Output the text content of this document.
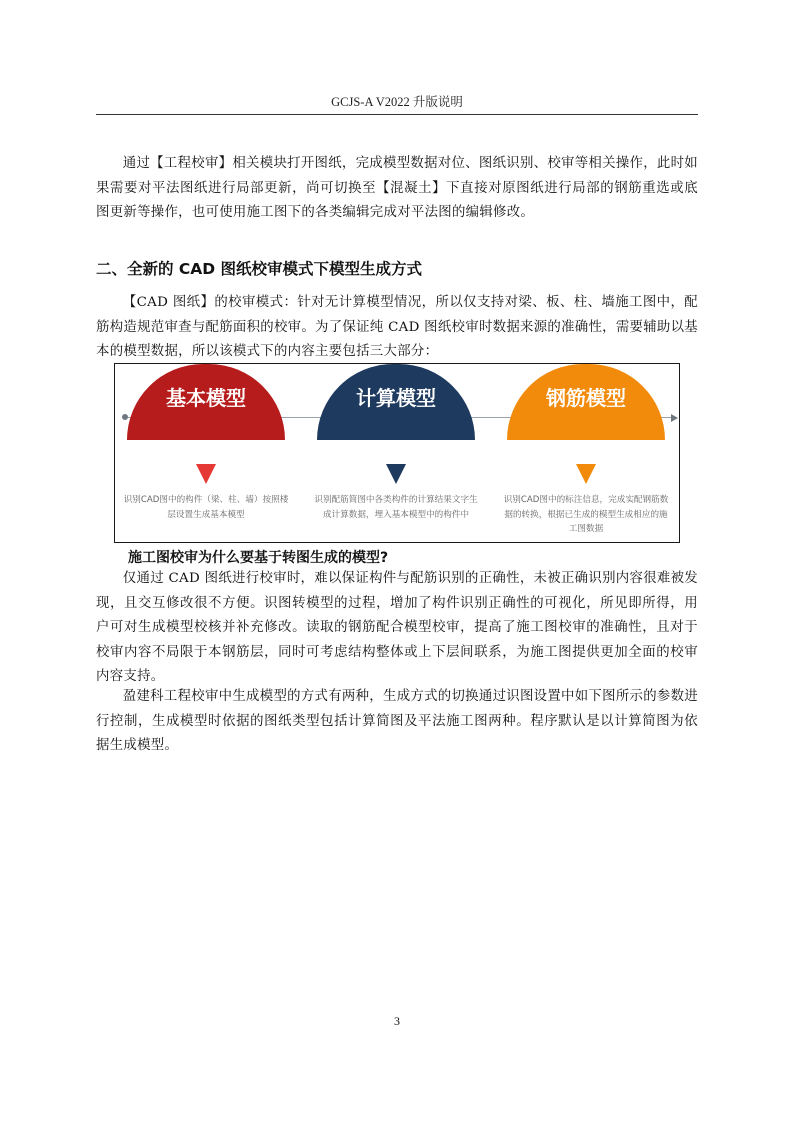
GCJS-A V2022 升版说明

通过【工程校审】相关模块打开图纸，完成模型数据对位、图纸识别、校审等相关操作，此时如果需要对平法图纸进行局部更新，尚可切换至【混凝土】下直接对原图纸进行局部的钢筋重选或底图更新等操作，也可使用施工图下的各类编辑完成对平法图的编辑修改。

二、全新的 CAD 图纸校审模式下模型生成方式

【CAD 图纸】的校审模式：针对无计算模型情况，所以仅支持对梁、板、柱、墙施工图中，配筋构造规范审查与配筋面积的校审。为了保证纯 CAD 图纸校审时数据来源的准确性，需要辅助以基本的模型数据，所以该模式下的内容主要包括三大部分：

基本模型	计算模型	钢筋模型
识别CAD图中的构件（梁、柱、墙）按照楼层设置生成基本模型
识别配筋简图中各类构件的计算结果文字生成计算数据，埋入基本模型中的构件中
识别CAD图中的标注信息，完成实配钢筋数据的转换，根据已生成的模型生成相应的施工图数据
施工图校审为什么要基于转图生成的模型?

仅通过 CAD 图纸进行校审时，难以保证构件与配筋识别的正确性，未被正确识别内容很难被发现，且交互修改很不方便。识图转模型的过程，增加了构件识别正确性的可视化，所见即所得，用户可对生成模型校核并补充修改。读取的钢筋配合模型校审，提高了施工图校审的准确性，且对于校审内容不局限于本钢筋层，同时可考虑结构整体或上下层间联系，为施工图提供更加全面的校审内容支持。

盈建科工程校审中生成模型的方式有两种，生成方式的切换通过识图设置中如下图所示的参数进行控制，生成模型时依据的图纸类型包括计算简图及平法施工图两种。程序默认是以计算简图为依据生成模型。

3
